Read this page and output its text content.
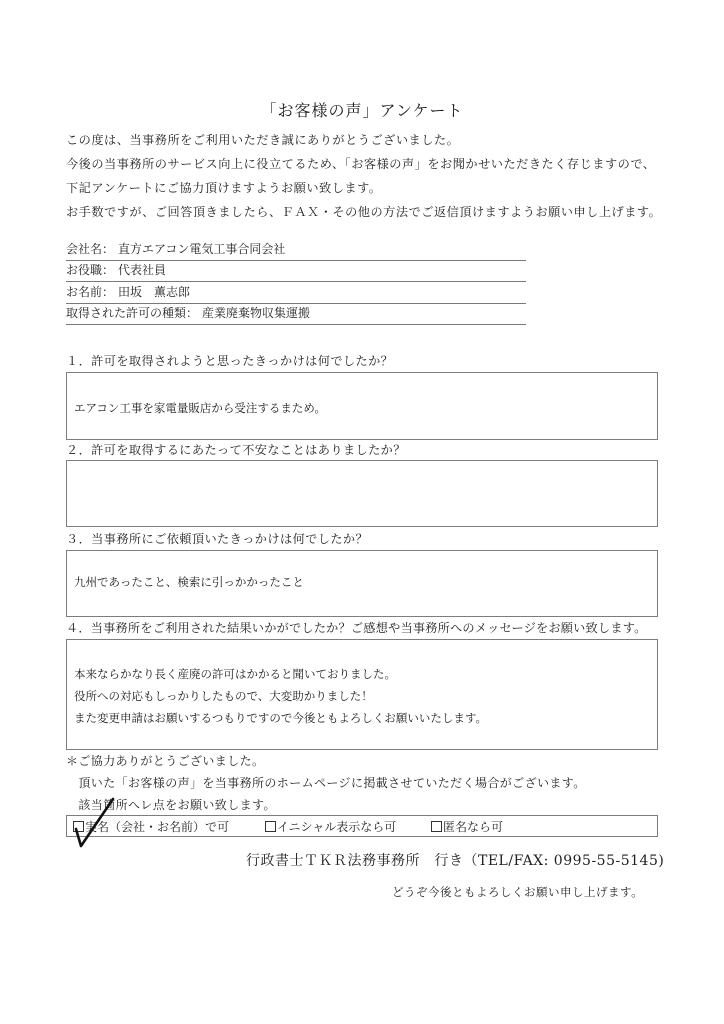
「お客様の声」アンケート
この度は、当事務所をご利用いただき誠にありがとうございました。
今後の当事務所のサービス向上に役立てるため、「お客様の声」をお聞かせいただきたく存じますので、
下記アンケートにご協力頂けますようお願い致します。
お手数ですが、ご回答頂きましたら、ＦＡＸ・その他の方法でご返信頂けますようお願い申し上げます。
会社名： 直方エアコン電気工事合同会社
お役職： 代表社員
お名前： 田坂　薫志郎
取得された許可の種類： 産業廃棄物収集運搬
１．許可を取得されようと思ったきっかけは何でしたか？
エアコン工事を家電量販店から受注するまため。
２．許可を取得するにあたって不安なことはありましたか？
３．当事務所にご依頼頂いたきっかけは何でしたか？
九州であったこと、検索に引っかかったこと
４．当事務所をご利用された結果いかがでしたか？ご感想や当事務所へのメッセージをお願い致します。
本来ならかなり長く産廃の許可はかかると聞いておりました。
役所への対応もしっかりしたもので、大変助かりました！
また変更申請はお願いするつもりですので今後ともよろしくお願いいたします。
＊ご協力ありがとうございました。
　頂いた「お客様の声」を当事務所のホームページに掲載させていただく場合がございます。
　該当箇所へレ点をお願い致します。
実名（会社・お名前）で可	イニシャル表示なら可	匿名なら可
行政書士ＴＫＲ法務事務所　行き（TEL/FAX: 0995-55-5145)
どうぞ今後ともよろしくお願い申し上げます。
